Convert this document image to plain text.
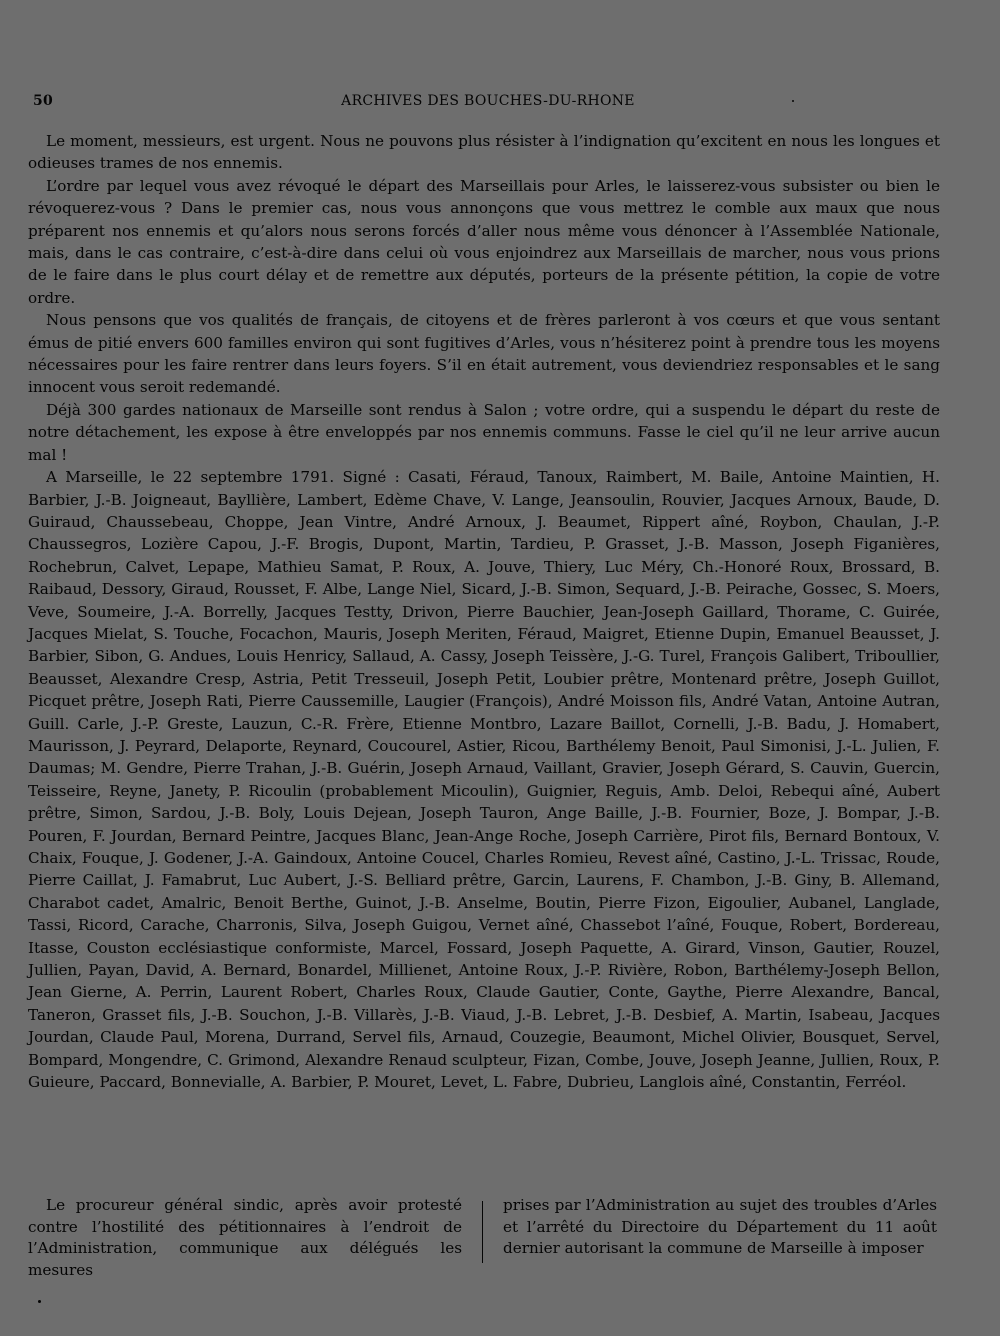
50	ARCHIVES DES BOUCHES-DU-RHONE

Le moment, messieurs, est urgent. Nous ne pouvons plus résister à l’indignation qu’excitent en nous les longues et odieuses trames de nos ennemis.

L’ordre par lequel vous avez révoqué le départ des Marseillais pour Arles, le laisserez-vous subsister ou bien le révoquerez-vous ? Dans le premier cas, nous vous annonçons que vous mettrez le comble aux maux que nous préparent nos ennemis et qu’alors nous serons forcés d’aller nous même vous dénoncer à l’Assemblée Nationale, mais, dans le cas contraire, c’est-à-dire dans celui où vous enjoindrez aux Marseillais de marcher, nous vous prions de le faire dans le plus court délay et de remettre aux députés, porteurs de la présente pétition, la copie de votre ordre.

Nous pensons que vos qualités de français, de citoyens et de frères parleront à vos cœurs et que vous sentant émus de pitié envers 600 familles environ qui sont fugitives d’Arles, vous n’hésiterez point à prendre tous les moyens nécessaires pour les faire rentrer dans leurs foyers. S’il en était autrement, vous deviendriez responsables et le sang innocent vous seroit redemandé.

Déjà 300 gardes nationaux de Marseille sont rendus à Salon ; votre ordre, qui a suspendu le départ du reste de notre détachement, les expose à être enveloppés par nos ennemis communs. Fasse le ciel qu’il ne leur arrive aucun mal !

A Marseille, le 22 septembre 1791. Signé : Casati, Féraud, Tanoux, Raimbert, M. Baile, Antoine Maintien, H. Barbier, J.-B. Joigneaut, Bayllière, Lambert, Edème Chave, V. Lange, Jeansoulin, Rouvier, Jacques Arnoux, Baude, D. Guiraud, Chaussebeau, Choppe, Jean Vintre, André Arnoux, J. Beaumet, Rippert aîné, Roybon, Chaulan, J.-P. Chaussegros, Lozière Capou, J.-F. Brogis, Dupont, Martin, Tardieu, P. Grasset, J.-B. Masson, Joseph Figanières, Rochebrun, Calvet, Lepape, Mathieu Samat, P. Roux, A. Jouve, Thiery, Luc Méry, Ch.-Honoré Roux, Brossard, B. Raibaud, Dessory, Giraud, Rousset, F. Albe, Lange Niel, Sicard, J.-B. Simon, Sequard, J.-B. Peirache, Gossec, S. Moers, Veve, Soumeire, J.-A. Borrelly, Jacques Testty, Drivon, Pierre Bauchier, Jean-Joseph Gaillard, Thorame, C. Guirée, Jacques Mielat, S. Touche, Focachon, Mauris, Joseph Meriten, Féraud, Maigret, Etienne Dupin, Emanuel Beausset, J. Barbier, Sibon, G. Andues, Louis Henricy, Sallaud, A. Cassy, Joseph Teissère, J.-G. Turel, François Galibert, Triboullier, Beausset, Alexandre Cresp, Astria, Petit Tresseuil, Joseph Petit, Loubier prêtre, Montenard prêtre, Joseph Guillot, Picquet prêtre, Joseph Rati, Pierre Caussemille, Laugier (François), André Moisson fils, André Vatan, Antoine Autran, Guill. Carle, J.-P. Greste, Lauzun, C.-R. Frère, Etienne Montbro, Lazare Baillot, Cornelli, J.-B. Badu, J. Homabert, Maurisson, J. Peyrard, Delaporte, Reynard, Coucourel, Astier, Ricou, Barthélemy Benoit, Paul Simonisi, J.-L. Julien, F. Daumas; M. Gendre, Pierre Trahan, J.-B. Guérin, Joseph Arnaud, Vaillant, Gravier, Joseph Gérard, S. Cauvin, Guercin, Teisseire, Reyne, Janety, P. Ricoulin (probablement Micoulin), Guignier, Reguis, Amb. Deloi, Rebequi aîné, Aubert prêtre, Simon, Sardou, J.-B. Boly, Louis Dejean, Joseph Tauron, Ange Baille, J.-B. Fournier, Boze, J. Bompar, J.-B. Pouren, F. Jourdan, Bernard Peintre, Jacques Blanc, Jean-Ange Roche, Joseph Carrière, Pirot fils, Bernard Bontoux, V. Chaix, Fouque, J. Godener, J.-A. Gaindoux, Antoine Coucel, Charles Romieu, Revest aîné, Castino, J.-L. Trissac, Roude, Pierre Caillat, J. Famabrut, Luc Aubert, J.-S. Belliard prêtre, Garcin, Laurens, F. Chambon, J.-B. Giny, B. Allemand, Charabot cadet, Amalric, Benoit Berthe, Guinot, J.-B. Anselme, Boutin, Pierre Fizon, Eigoulier, Aubanel, Langlade, Tassi, Ricord, Carache, Charronis, Silva, Joseph Guigou, Vernet aîné, Chassebot l’aîné, Fouque, Robert, Bordereau, Itasse, Couston ecclésiastique conformiste, Marcel, Fossard, Joseph Paquette, A. Girard, Vinson, Gautier, Rouzel, Jullien, Payan, David, A. Bernard, Bonardel, Millienet, Antoine Roux, J.-P. Rivière, Robon, Barthélemy-Joseph Bellon, Jean Gierne, A. Perrin, Laurent Robert, Charles Roux, Claude Gautier, Conte, Gaythe, Pierre Alexandre, Bancal, Taneron, Grasset fils, J.-B. Souchon, J.-B. Villarès, J.-B. Viaud, J.-B. Lebret, J.-B. Desbief, A. Martin, Isabeau, Jacques Jourdan, Claude Paul, Morena, Durrand, Servel fils, Arnaud, Couzegie, Beaumont, Michel Olivier, Bousquet, Servel, Bompard, Mongendre, C. Grimond, Alexandre Renaud sculpteur, Fizan, Combe, Jouve, Joseph Jeanne, Jullien, Roux, P. Guieure, Paccard, Bonnevialle, A. Barbier, P. Mouret, Levet, L. Fabre, Dubrieu, Langlois aîné, Constantin, Ferréol.

Le procureur général sindic, après avoir protesté contre l’hostilité des pétitionnaires à l’endroit de l’Administration, communique aux délégués les mesures

prises par l’Administration au sujet des troubles d’Arles et l’arrêté du Directoire du Département du 11 août dernier autorisant la commune de Marseille à imposer
